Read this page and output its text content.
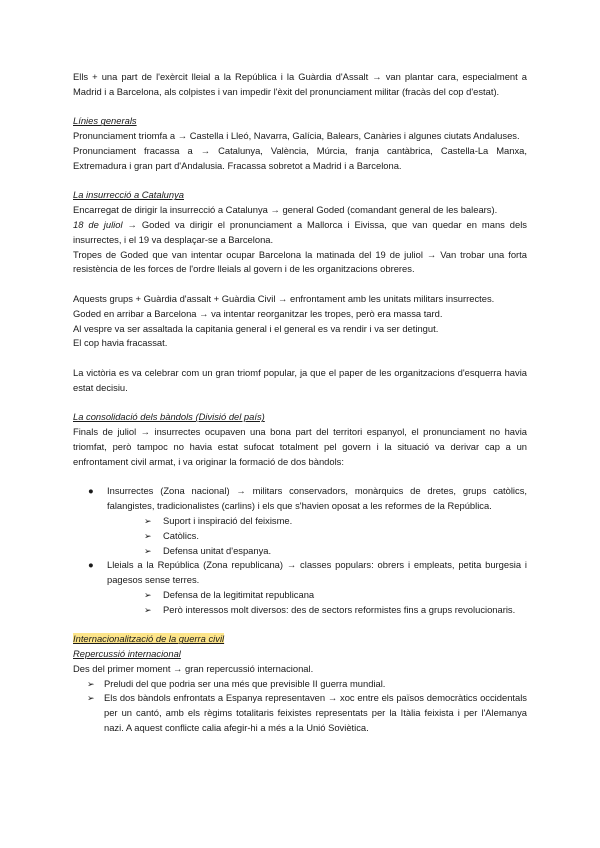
Ells + una part de l'exèrcit lleial a la República i la Guàrdia d'Assalt → van plantar cara, especialment a Madrid i a Barcelona, als colpistes i van impedir l'èxit del pronunciament militar (fracàs del cop d'estat).

Línies generals

Pronunciament triomfa a → Castella i Lleó, Navarra, Galícia, Balears, Canàries i algunes ciutats Andaluses.

Pronunciament fracassa a → Catalunya, València, Múrcia, franja cantàbrica, Castella-La Manxa, Extremadura i gran part d'Andalusia. Fracassa sobretot a Madrid i a Barcelona.

La insurrecció a Catalunya

Encarregat de dirigir la insurrecció a Catalunya → general Goded (comandant general de les balears).

18 de juliol → Goded va dirigir el pronunciament a Mallorca i Eivissa, que van quedar en mans dels insurrectes, i el 19 va desplaçar-se a Barcelona.

Tropes de Goded que van intentar ocupar Barcelona la matinada del 19 de juliol → Van trobar una forta resistència de les forces de l'ordre lleials al govern i de les organitzacions obreres.

Aquests grups + Guàrdia d'assalt + Guàrdia Civil → enfrontament amb les unitats militars insurrectes.

Goded en arribar a Barcelona → va intentar reorganitzar les tropes, però era massa tard.

Al vespre va ser assaltada la capitania general i el general es va rendir i va ser detingut.

El cop havia fracassat.

La victòria es va celebrar com un gran triomf popular, ja que el paper de les organitzacions d'esquerra havia estat decisiu.

La consolidació dels bàndols (Divisió del país)

Finals de juliol → insurrectes ocupaven una bona part del territori espanyol, el pronunciament no havia triomfat, però tampoc no havia estat sufocat totalment pel govern i la situació va derivar cap a un enfrontament civil armat, i va originar la formació de dos bàndols:

● Insurrectes (Zona nacional) → militars conservadors, monàrquics de dretes, grups catòlics, falangistes, tradicionalistes (carlins) i els que s'havien oposat a les reformes de la República.

➢ Suport i inspiració del feixisme.
➢ Catòlics.
➢ Defensa unitat d'espanya.
● Lleials a la República (Zona republicana) → classes populars: obrers i empleats, petita burgesia i pagesos sense terres.

➢ Defensa de la legitimitat republicana
➢ Però interessos molt diversos: des de sectors reformistes fins a grups revolucionaris.

Internacionalització de la guerra civil

Repercussió internacional

Des del primer moment → gran repercussió internacional.

➢ Preludi del que podria ser una més que previsible II guerra mundial.
➢ Els dos bàndols enfrontats a Espanya representaven → xoc entre els països democràtics occidentals per un cantó, amb els règims totalitaris feixistes representats per la Itàlia feixista i per l'Alemanya nazi. A aquest conflicte calia afegir-hi a més a la Unió Soviètica.
